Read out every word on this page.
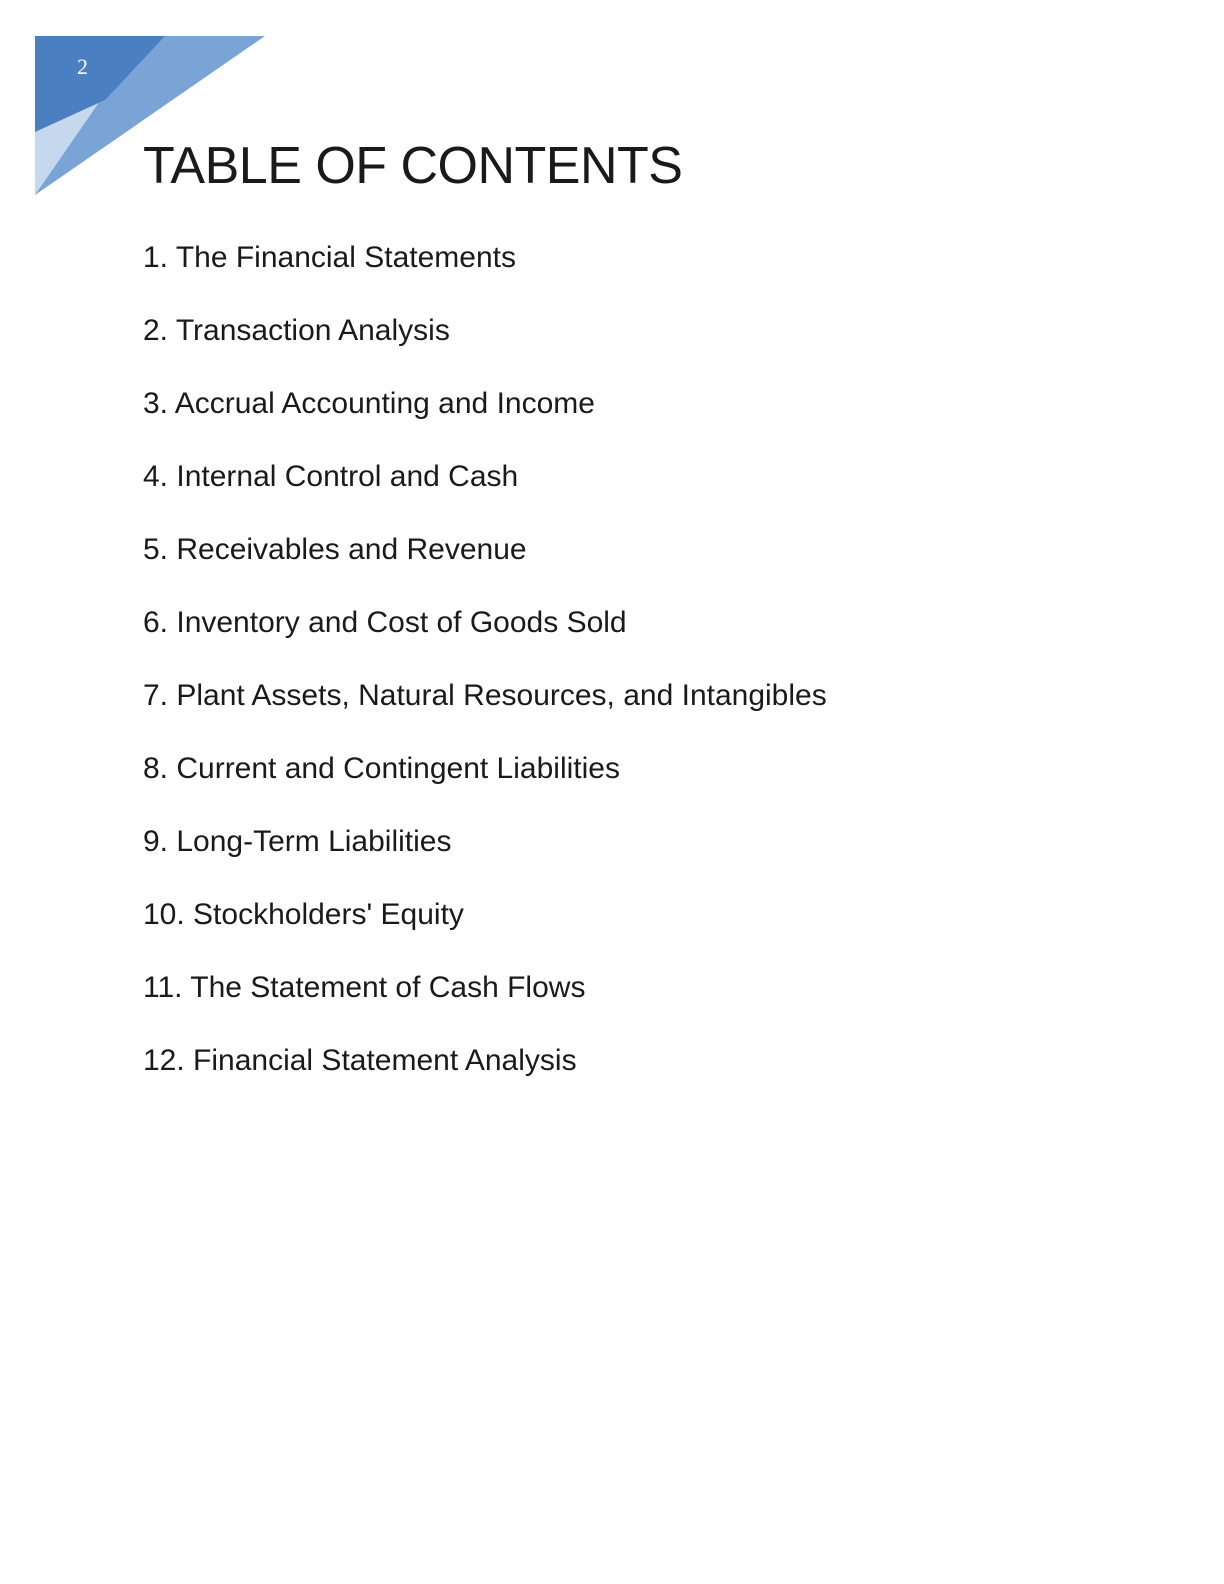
2
TABLE OF CONTENTS
1. The Financial Statements
2. Transaction Analysis
3. Accrual Accounting and Income
4. Internal Control and Cash
5. Receivables and Revenue
6. Inventory and Cost of Goods Sold
7. Plant Assets, Natural Resources, and Intangibles
8. Current and Contingent Liabilities
9. Long-Term Liabilities
10. Stockholders' Equity
11. The Statement of Cash Flows
12. Financial Statement Analysis
